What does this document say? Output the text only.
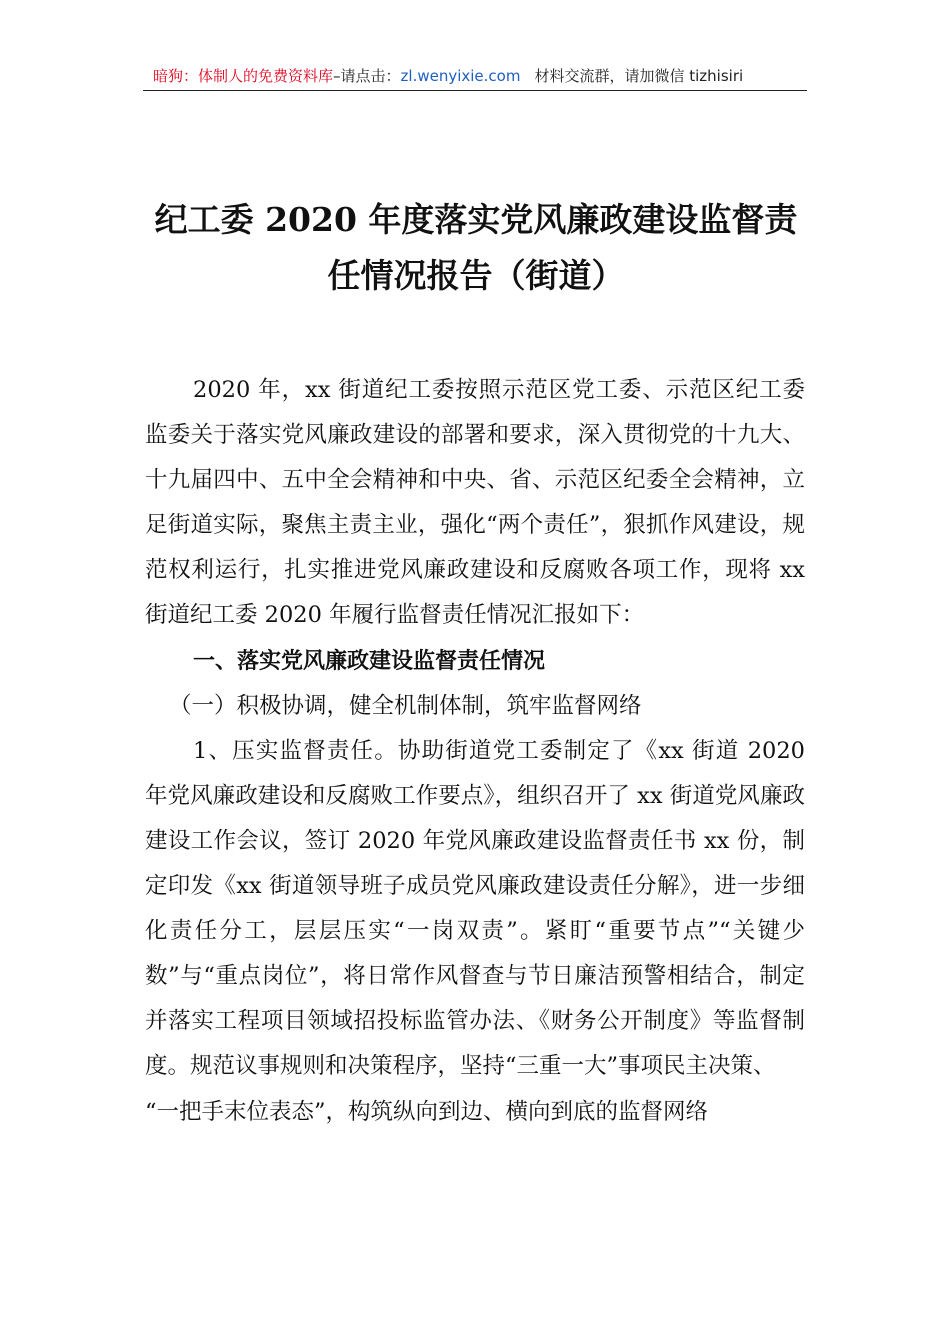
暗狗：体制人的免费资料库–请点击：zl.wenyixie.com 材料交流群，请加微信 tizhisiri
纪工委 2020 年度落实党风廉政建设监督责
任情况报告（街道）

2020 年，xx 街道纪工委按照示范区党工委、示范区纪工委监委关于落实党风廉政建设的部署和要求，深入贯彻党的十九大、十九届四中、五中全会精神和中央、省、示范区纪委全会精神，立足街道实际，聚焦主责主业，强化“两个责任”，狠抓作风建设，规范权利运行，扎实推进党风廉政建设和反腐败各项工作，现将 xx 街道纪工委 2020 年履行监督责任情况汇报如下：

一、落实党风廉政建设监督责任情况

（一）积极协调，健全机制体制，筑牢监督网络

1、压实监督责任。协助街道党工委制定了《xx 街道 2020 年党风廉政建设和反腐败工作要点》，组织召开了 xx 街道党风廉政建设工作会议，签订 2020 年党风廉政建设监督责任书 xx 份，制定印发《xx 街道领导班子成员党风廉政建设责任分解》，进一步细化责任分工，层层压实“一岗双责”。紧盯“重要节点”“关键少数”与“重点岗位”，将日常作风督查与节日廉洁预警相结合，制定并落实工程项目领域招投标监管办法、《财务公开制度》等监督制度。规范议事规则和决策程序，坚持“三重一大”事项民主决策、

“一把手末位表态”，构筑纵向到边、横向到底的监督网络
